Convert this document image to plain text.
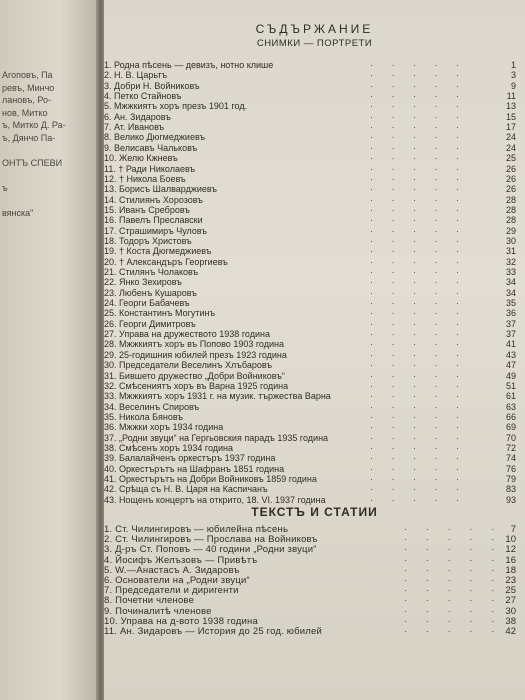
Агоповъ, Па
ревъ, Минчо
лановъ, Ро-
нов, Митко
ъ, Митко Д. Ра-
ъ, Дянчо Па-
ОНТЪ СПЕВИ
ъ
вянска"
СЪДЪРЖАНИЕ
СНИМКИ — ПОРТРЕТИ
1. Родна пѣсень — девизъ, нотно клише	· · · · ·	1
2. Н. В. Царьтъ	· · · · ·	3
3. Добри Н. Войниковъ	· · · · ·	9
4. Петко Стайновъ	· · · · ·	11
5. Мжжкиятъ хоръ презъ 1901 год.	· · · · ·	13
6. Ан. Зидаровъ	· · · · ·	15
7. Ат. Ивановъ	· · · · ·	17
8. Велико Дюгмеджиевъ	· · · · ·	24
9. Велисавъ Чальковъ	· · · · ·	24
10. Желю Кжневъ	· · · · ·	25
11. † Ради Николаевъ	· · · · ·	26
12. † Никола Боевъ	· · · · ·	26
13. Борисъ Шалварджиевъ	· · · · ·	26
14. Стилиянъ Хорозовъ	· · · · ·	28
15. Иванъ Сребровъ	· · · · ·	28
16. Павелъ Преславски	· · · · ·	28
17. Страшимиръ Чуловъ	· · · · ·	29
18. Тодоръ Христовъ	· · · · ·	30
19. † Коста Дюгмеджиевъ	· · · · ·	31
20. † Александъръ Георгиевъ	· · · · ·	32
21. Стилянъ Чолаковъ	· · · · ·	33
22. Янко Зехировъ	· · · · ·	34
23. Любенъ Кушаровъ	· · · · ·	34
24. Георги Бабачевъ	· · · · ·	35
25. Константинъ Могутинъ	· · · · ·	36
26. Георги Димитровъ	· · · · ·	37
27. Управа на дружеството 1938 година	· · · · ·	37
28. Мжжкиятъ хоръ въ Попово 1903 година	· · · · ·	41
29. 25-годишния юбилей презъ 1923 година	· · · · ·	43
30. Председатели Веселинъ Хлъбаровъ	· · · · ·	47
31. Бившето дружество „Добри Войниковъ“	· · · · ·	49
32. Смѣсениятъ хоръ въ Варна 1925 година	· · · · ·	51
33. Мжжкиятъ хоръ 1931 г. на музик. тържества Варна	· · · · ·	61
34. Веселинъ Спировъ	· · · · ·	63
35. Никола Бяновъ	· · · · ·	66
36. Мжжки хоръ 1934 година	· · · · ·	69
37. „Родни звуци“ на Гергьовския парадъ 1935 година	· · · · ·	70
38. Смѣсенъ хоръ 1934 година	· · · · ·	72
39. Балалайченъ оркестъръ 1937 година	· · · · ·	74
40. Оркестърътъ на Шафранъ 1851 година	· · · · ·	76
41. Оркестърътъ на Добри Войниковъ 1859 година	· · · · ·	79
42. Срѣща съ Н. В. Царя на Каспичанъ	· · · · ·	83
43. Нощенъ концертъ на открито, 18. VI. 1937 година	· · · · ·	93
ТЕКСТЪ И СТАТИИ
1. Ст. Чилингировъ — юбилейна пѣсень	· · · · · 7
2. Ст. Чилингировъ — Прослава на Войниковъ	· · · · · 10
3. Д-ръ Ст. Поповъ — 40 години „Родни звуци“	· · · · · 12
4. Йосифъ Желъзовъ — Привѣтъ	· · · · · 16
5. W.—Анастасъ А. Зидаровъ	· · · · · 18
6. Основатели на „Родни звуци“	· · · · · 23
7. Председатели и диригенти	· · · · · 25
8. Почетни членове	· · · · · 27
9. Починалитѣ членове	· · · · · 30
10. Управа на д-вото 1938 година	· · · · · 38
11. Ан. Зидаровъ — История до 25 год. юбилей	· · · · · 42
